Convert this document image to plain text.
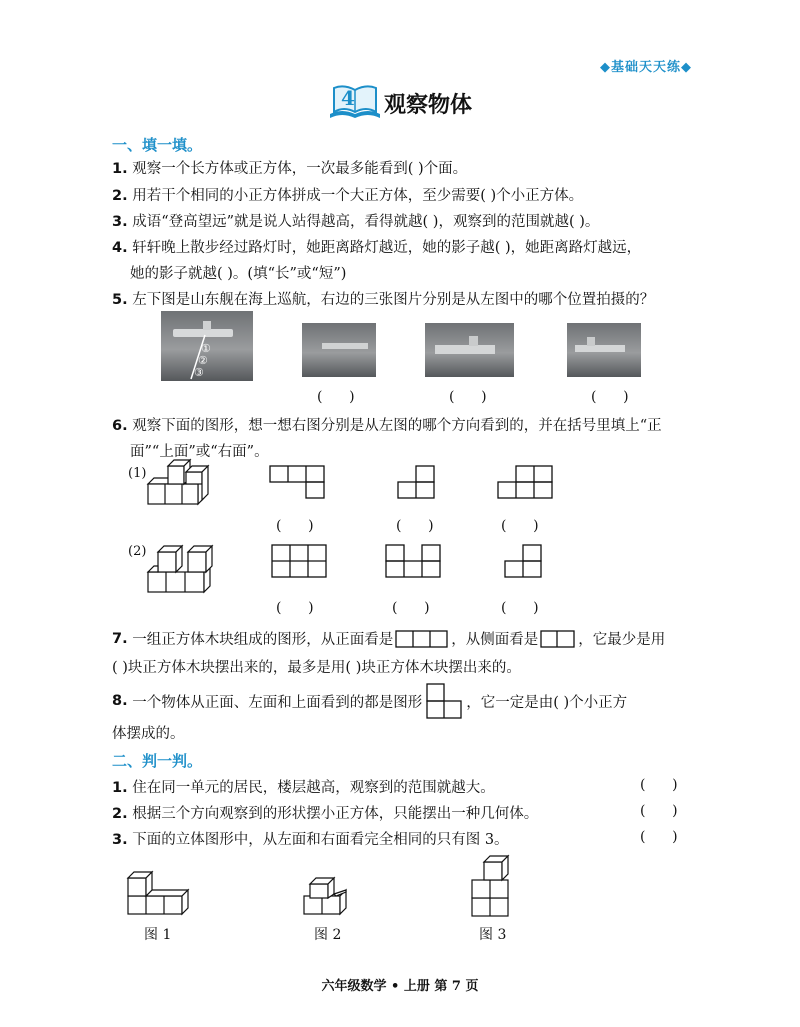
◆基础天天练◆
4 观察物体
一、填一填。
1. 观察一个长方体或正方体，一次最多能看到( )个面。
2. 用若干个相同的小正方体拼成一个大正方体，至少需要( )个小正方体。
3. 成语“登高望远”就是说人站得越高，看得就越( )，观察到的范围就越( )。
4. 轩轩晚上散步经过路灯时，她距离路灯越近，她的影子越( )，她距离路灯越远，
她的影子就越( )。(填“长”或“短”)
5. 左下图是山东舰在海上巡航，右边的三张图片分别是从左图中的哪个位置拍摄的？
①
②
③
(      )	(      )	(      )
6. 观察下面的图形，想一想右图分别是从左图的哪个方向看到的，并在括号里填上“正
面”“上面”或“右面”。
(1)
(      )	(      )	(      )
(2)
(      )	(      )	(      )
7.
一组正方体木块组成的图形，从正面看是	，从侧面看是	，它最少是用
( )块正方体木块摆出来的，最多是用( )块正方体木块摆出来的。
8.
一个物体从正面、左面和上面看到的都是图形	，它一定是由( )个小正方
体摆成的。
二、判一判。
1. 住在同一单元的居民，楼层越高，观察到的范围就越大。	(      )
2. 根据三个方向观察到的形状摆小正方体，只能摆出一种几何体。	(      )
3. 下面的立体图形中，从左面和右面看完全相同的只有图 3。	(      )
图 1	图 2	图 3
六年级数学 • 上册 第 7 页
